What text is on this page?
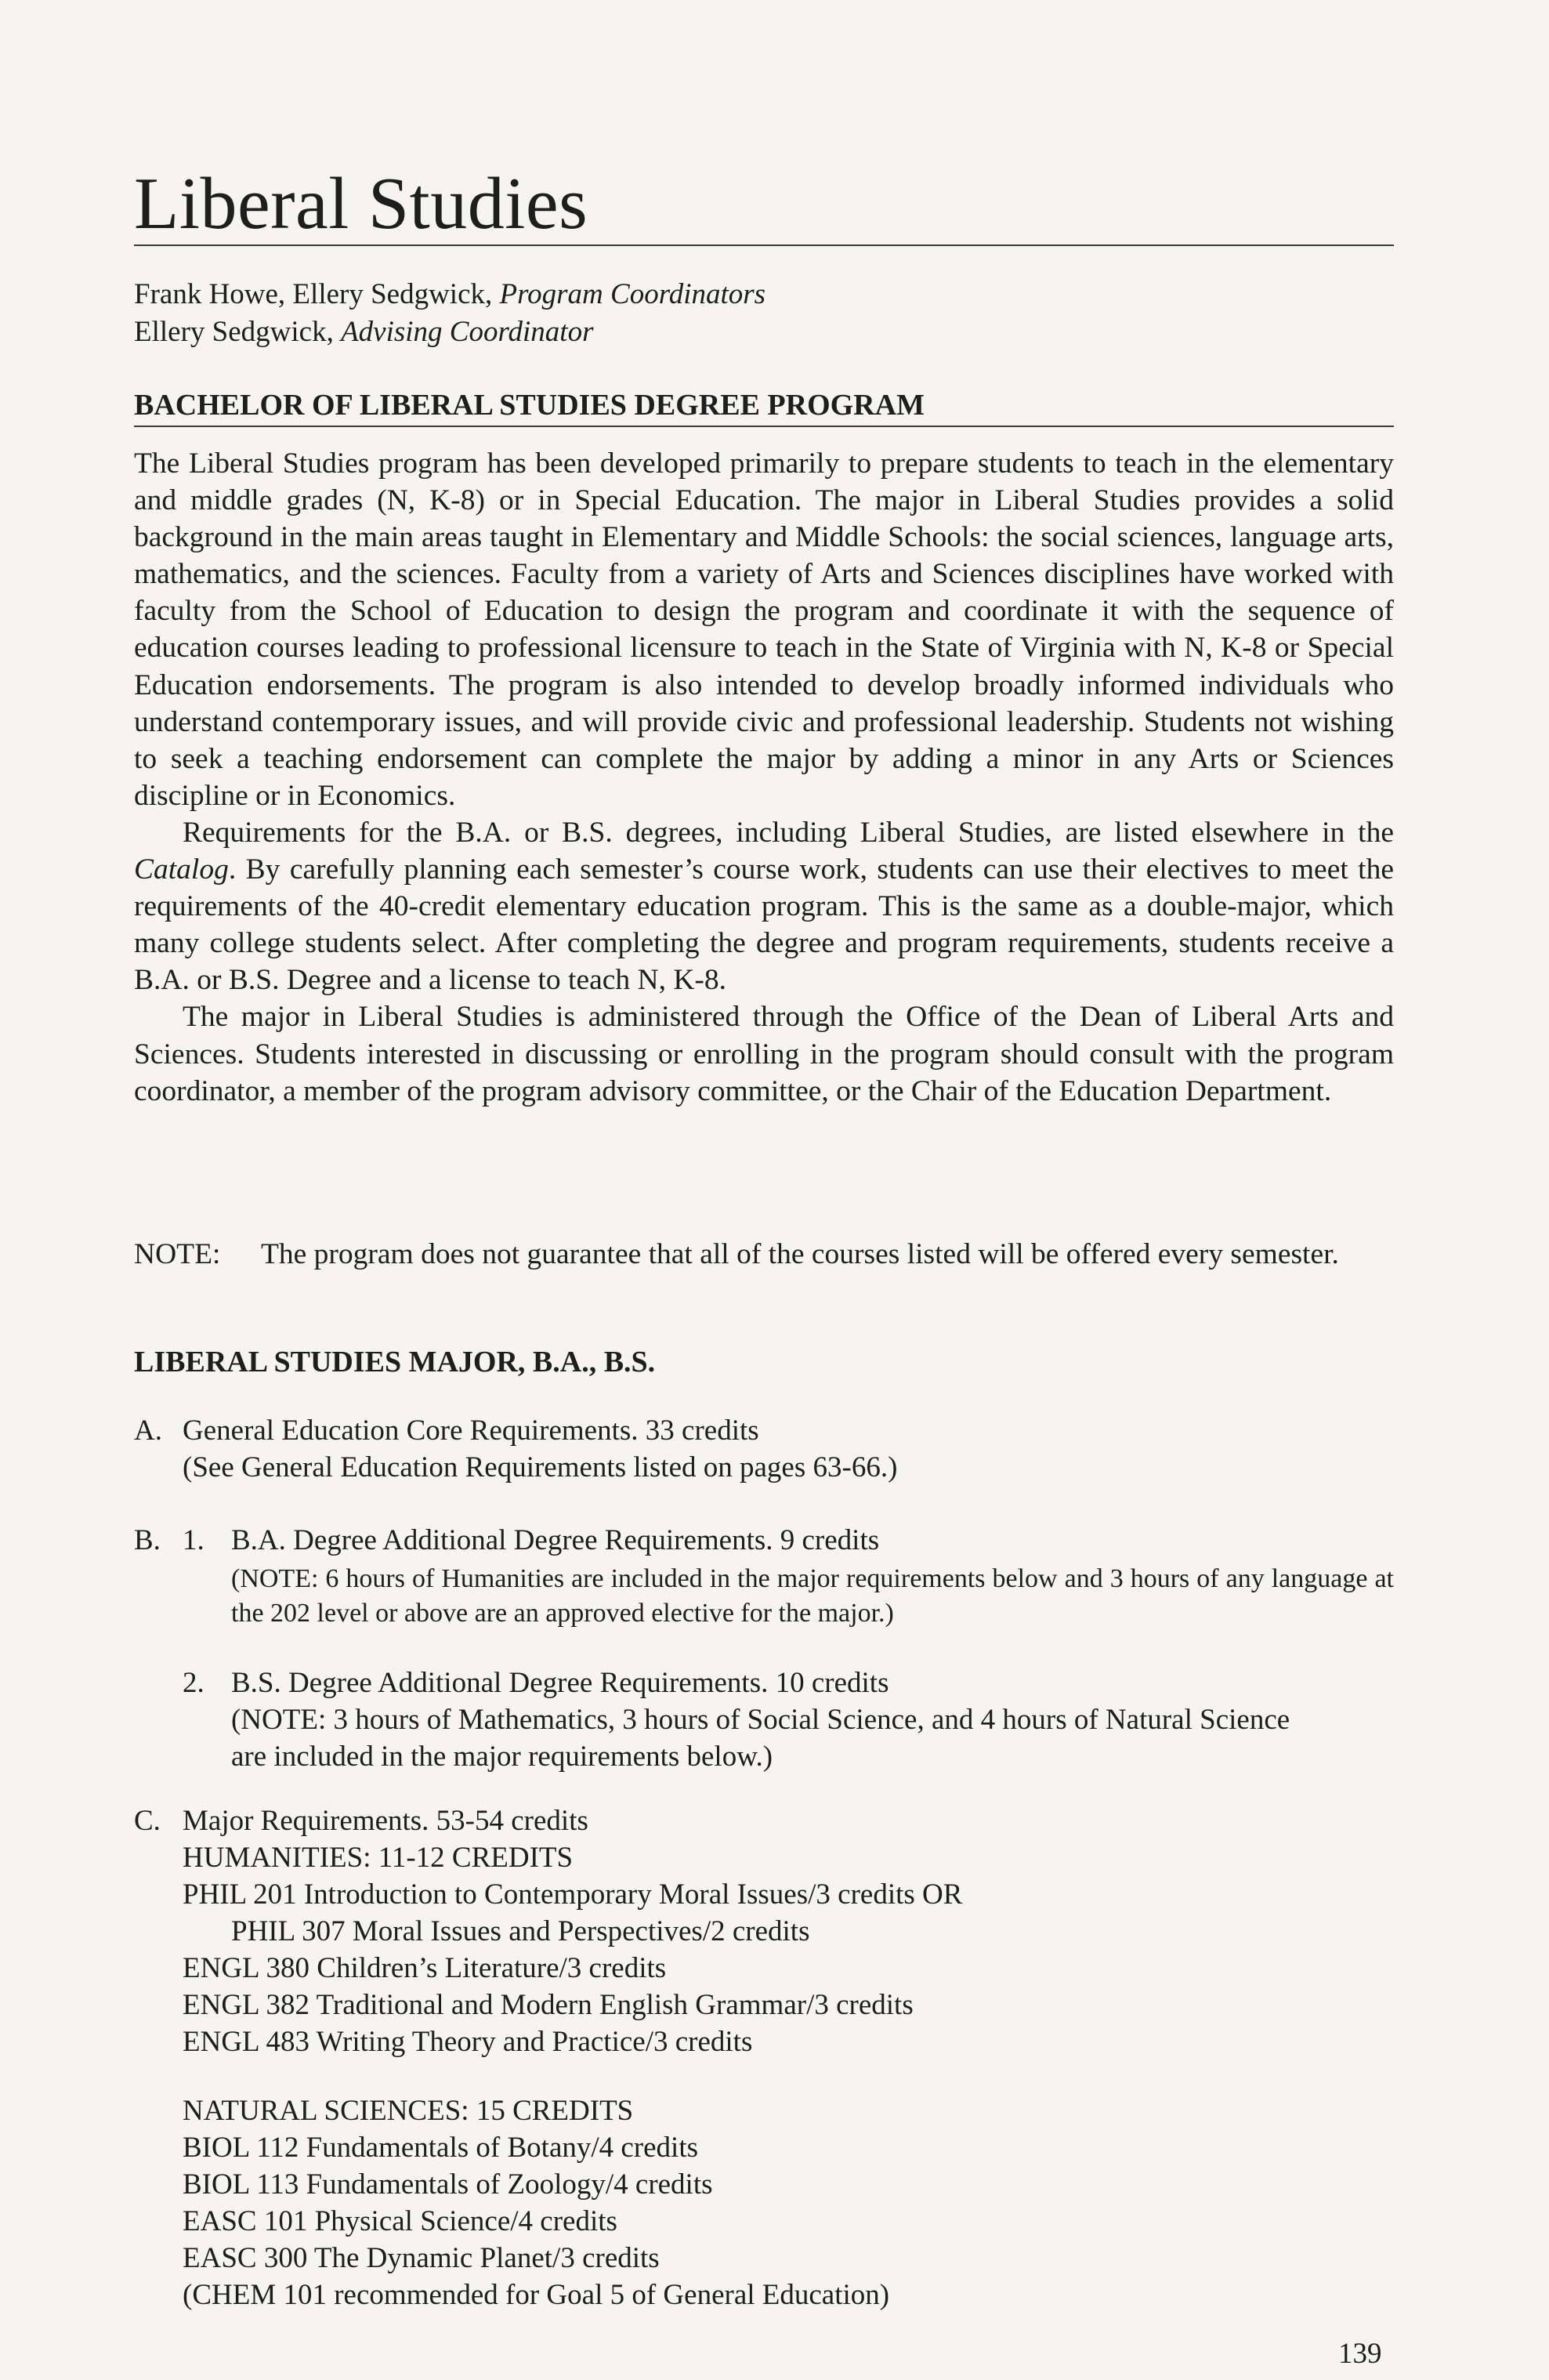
Liberal Studies
Frank Howe, Ellery Sedgwick, Program Coordinators
Ellery Sedgwick, Advising Coordinator
BACHELOR OF LIBERAL STUDIES DEGREE PROGRAM

The Liberal Studies program has been developed primarily to prepare students to teach in the elementary and middle grades (N, K-8) or in Special Education. The major in Liberal Studies provides a solid background in the main areas taught in Elementary and Middle Schools: the social sciences, language arts, mathematics, and the sciences. Faculty from a variety of Arts and Sciences disciplines have worked with faculty from the School of Education to design the program and coordinate it with the sequence of education courses leading to professional licensure to teach in the State of Virginia with N, K-8 or Special Education endorsements. The program is also intended to develop broadly informed individuals who understand contemporary issues, and will provide civic and professional leadership. Students not wishing to seek a teaching endorsement can complete the major by adding a minor in any Arts or Sciences discipline or in Economics.

Requirements for the B.A. or B.S. degrees, including Liberal Studies, are listed elsewhere in the Catalog. By carefully planning each semester’s course work, students can use their electives to meet the requirements of the 40-credit elementary education program. This is the same as a double-major, which many college students select. After completing the degree and program requirements, students receive a B.A. or B.S. Degree and a license to teach N, K-8.

The major in Liberal Studies is administered through the Office of the Dean of Liberal Arts and Sciences. Students interested in discussing or enrolling in the program should consult with the program coordinator, a member of the program advisory committee, or the Chair of the Education Department.

NOTE:	The program does not guarantee that all of the courses listed will be offered every semester.
LIBERAL STUDIES MAJOR, B.A., B.S.
A. General Education Core Requirements. 33 credits
(See General Education Requirements listed on pages 63-66.)
B. 1. B.A. Degree Additional Degree Requirements. 9 credits
(NOTE: 6 hours of Humanities are included in the major requirements below and 3 hours of any language at the 202 level or above are an approved elective for the major.)
2. B.S. Degree Additional Degree Requirements. 10 credits
(NOTE: 3 hours of Mathematics, 3 hours of Social Science, and 4 hours of Natural Science are included in the major requirements below.)
C. Major Requirements. 53-54 credits
HUMANITIES: 11-12 CREDITS
PHIL 201 Introduction to Contemporary Moral Issues/3 credits OR
PHIL 307 Moral Issues and Perspectives/2 credits
ENGL 380 Children’s Literature/3 credits
ENGL 382 Traditional and Modern English Grammar/3 credits
ENGL 483 Writing Theory and Practice/3 credits
NATURAL SCIENCES: 15 CREDITS
BIOL 112 Fundamentals of Botany/4 credits
BIOL 113 Fundamentals of Zoology/4 credits
EASC 101 Physical Science/4 credits
EASC 300 The Dynamic Planet/3 credits
(CHEM 101 recommended for Goal 5 of General Education)
139
